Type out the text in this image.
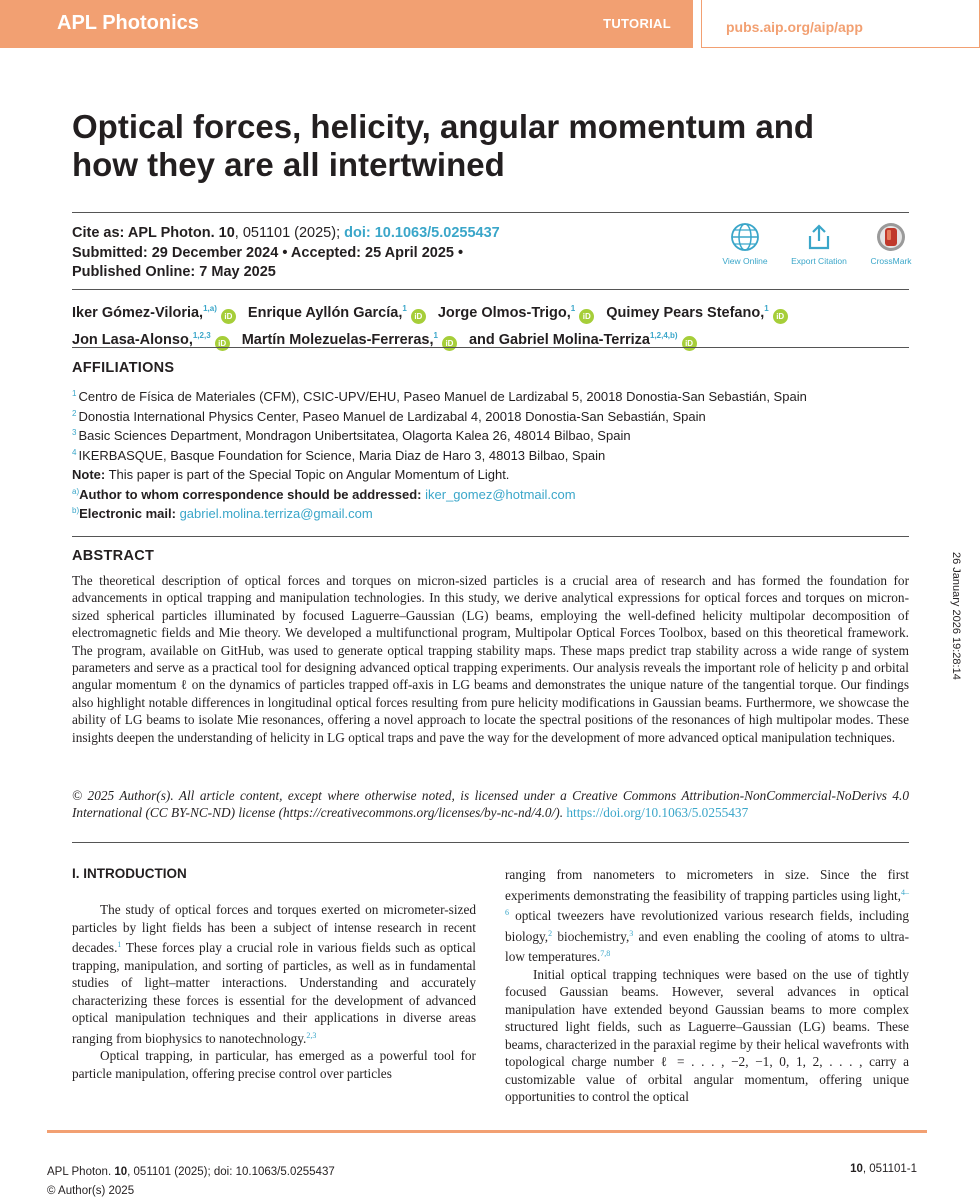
APL Photonics	TUTORIAL	pubs.aip.org/aip/app
Optical forces, helicity, angular momentum and how they are all intertwined
Cite as: APL Photon. 10, 051101 (2025); doi: 10.1063/5.0255437
Submitted: 29 December 2024 • Accepted: 25 April 2025 •
Published Online: 7 May 2025
View Online	Export Citation	CrossMark
Iker Gómez-Viloria,$^{1,a)}$iD Enrique Ayllón García,$^1$iD Jorge Olmos-Trigo,$^1$iD Quimey Pears Stefano,$^1$iD
Jon Lasa-Alonso,$^{1,2,3}$iD Martín Molezuelas-Ferreras,$^1$iD and Gabriel Molina-Terriza$^{1,2,4,b)}$iD
AFFILIATIONS
$^1$ Centro de Física de Materiales (CFM), CSIC-UPV/EHU, Paseo Manuel de Lardizabal 5, 20018 Donostia-San Sebastián, Spain
$^2$ Donostia International Physics Center, Paseo Manuel de Lardizabal 4, 20018 Donostia-San Sebastián, Spain
$^3$ Basic Sciences Department, Mondragon Unibertsitatea, Olagorta Kalea 26, 48014 Bilbao, Spain
$^4$ IKERBASQUE, Basque Foundation for Science, Maria Diaz de Haro 3, 48013 Bilbao, Spain
Note: This paper is part of the Special Topic on Angular Momentum of Light.
$^{a)}$Author to whom correspondence should be addressed: iker_gomez@hotmail.com
$^{b)}$Electronic mail: gabriel.molina.terriza@gmail.com
ABSTRACT
The theoretical description of optical forces and torques on micron-sized particles is a crucial area of research and has formed the foundation for advancements in optical trapping and manipulation technologies. In this study, we derive analytical expressions for optical forces and torques on micron-sized spherical particles illuminated by focused Laguerre–Gaussian (LG) beams, employing the well-defined helicity multipolar decomposition of electromagnetic fields and Mie theory. We developed a multifunctional program, Multipolar Optical Forces Toolbox, based on this theoretical framework. The program, available on GitHub, was used to generate optical trapping stability maps. These maps predict trap stability across a wide range of system parameters and serve as a practical tool for designing advanced optical trapping experiments. Our analysis reveals the important role of helicity p and orbital angular momentum ℓ on the dynamics of particles trapped off-axis in LG beams and demonstrates the unique nature of the tangential torque. Our findings also highlight notable differences in longitudinal optical forces resulting from pure helicity modifications in Gaussian beams. Furthermore, we showcase the ability of LG beams to isolate Mie resonances, offering a novel approach to locate the spectral positions of the resonances of high multipolar modes. These insights deepen the understanding of helicity in LG optical traps and pave the way for the development of more advanced optical manipulation techniques.
© 2025 Author(s). All article content, except where otherwise noted, is licensed under a Creative Commons Attribution-NonCommercial-NoDerivs 4.0 International (CC BY-NC-ND) license (https://creativecommons.org/licenses/by-nc-nd/4.0/). https://doi.org/10.1063/5.0255437
26 January 2026 19:28:14
I. INTRODUCTION

The study of optical forces and torques exerted on micrometer-sized particles by light fields has been a subject of intense research in recent decades.$^1$ These forces play a crucial role in various fields such as optical trapping, manipulation, and sorting of particles, as well as in fundamental studies of light–matter interactions. Understanding and accurately characterizing these forces is essential for the development of advanced optical manipulation techniques and their applications in diverse areas ranging from biophysics to nanotechnology.$^{2,3}$

Optical trapping, in particular, has emerged as a powerful tool for particle manipulation, offering precise control over particles

ranging from nanometers to micrometers in size. Since the first experiments demonstrating the feasibility of trapping particles using light,$^{4-6}$ optical tweezers have revolutionized various research fields, including biology,$^2$ biochemistry,$^3$ and even enabling the cooling of atoms to ultra-low temperatures.$^{7,8}$

Initial optical trapping techniques were based on the use of tightly focused Gaussian beams. However, several advances in optical manipulation have extended beyond Gaussian beams to more complex structured light fields, such as Laguerre–Gaussian (LG) beams. These beams, characterized in the paraxial regime by their helical wavefronts with topological charge number ℓ = . . . , −2, −1, 0, 1, 2, . . . , carry a customizable value of orbital angular momentum, offering unique opportunities to control the optical

APL Photon. 10, 051101 (2025); doi: 10.1063/5.0255437
© Author(s) 2025
10, 051101-1
